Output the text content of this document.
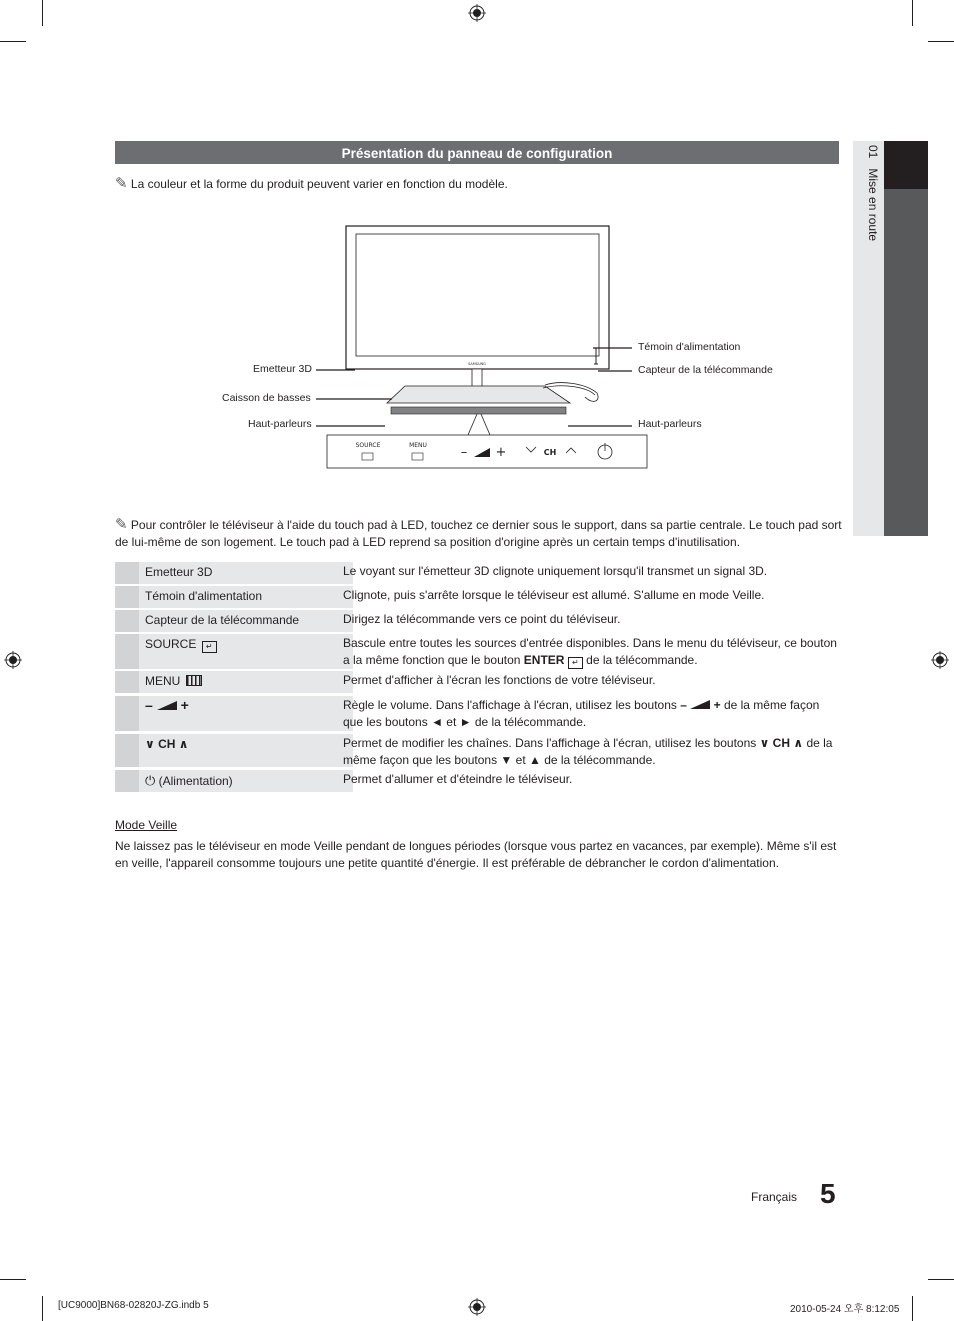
Présentation du panneau de configuration	01   Mise en route
✎ La couleur et la forme du produit peuvent varier en fonction du modèle.
SAMSUNG
SOURCE	MENU	– +	CH
Emetteur 3D
Caisson de basses
Haut-parleurs
Témoin d'alimentation
Capteur de la télécommande
Haut-parleurs
✎ Pour contrôler le téléviseur à l'aide du touch pad à LED, touchez ce dernier sous le support, dans sa partie centrale. Le touch pad sort de lui-même de son logement. Le touch pad à LED reprend sa position d'origine après un certain temps d'inutilisation.
Emetteur 3D	Le voyant sur l'émetteur 3D clignote uniquement lorsqu'il transmet un signal 3D.
Témoin d'alimentation	Clignote, puis s'arrête lorsque le téléviseur est allumé. S'allume en mode Veille.
Capteur de la télécommande	Dirigez la télécommande vers ce point du téléviseur.
SOURCE ↵	Bascule entre toutes les sources d'entrée disponibles. Dans le menu du téléviseur, ce bouton a la même fonction que le bouton ENTER ↵ de la télécommande.
MENU	Permet d'afficher à l'écran les fonctions de votre téléviseur.
– +	Règle le volume. Dans l'affichage à l'écran, utilisez les boutons – + de la même façon que les boutons ◄ et ► de la télécommande.
∨ CH ∧	Permet de modifier les chaînes. Dans l'affichage à l'écran, utilisez les boutons ∨ CH ∧ de la même façon que les boutons ▼ et ▲ de la télécommande.
⏻ (Alimentation)	Permet d'allumer et d'éteindre le téléviseur.
Mode Veille
Ne laissez pas le téléviseur en mode Veille pendant de longues périodes (lorsque vous partez en vacances, par exemple). Même s'il est en veille, l'appareil consomme toujours une petite quantité d'énergie. Il est préférable de débrancher le cordon d'alimentation.
Français 5
[UC9000]BN68-02820J-ZG.indb 5	2010-05-24 오후 8:12:05
